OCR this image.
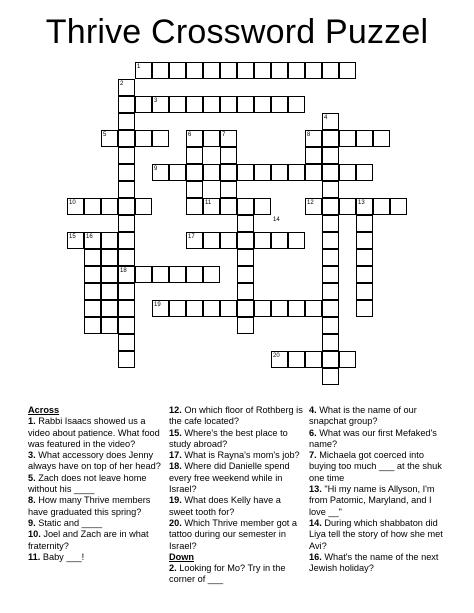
Thrive Crossword Puzzel
1
2
3
4
5	6	7	8
9
10	11	12	13
14
15 16	17
18
19
20
Across
1. Rabbi Isaacs showed us a video about patience. What food was featured in the video?
3. What accessory does Jenny always have on top of her head?
5. Zach does not leave home without his ____
8. How many Thrive members have graduated this spring?
9. Static and ____
10. Joel and Zach are in what fraternity?
11. Baby ___!
12. On which floor of Rothberg is the cafe located?
15. Where's the best place to study abroad?
17. What is Rayna's mom's job?
18. Where did Danielle spend every free weekend while in Israel?
19. What does Kelly have a sweet tooth for?
20. Which Thrive member got a tattoo during our semester in Israel?
Down
2. Looking for Mo? Try in the corner of ___
4. What is the name of our snapchat group?
6. What was our first Mefaked's name?
7. Michaela got coerced into buying too much ___ at the shuk one time
13. "Hi my name is Allyson, I'm from Patomic, Maryland, and I love __"
14. During which shabbaton did Liya tell the story of how she met Avi?
16. What's the name of the next Jewish holiday?
